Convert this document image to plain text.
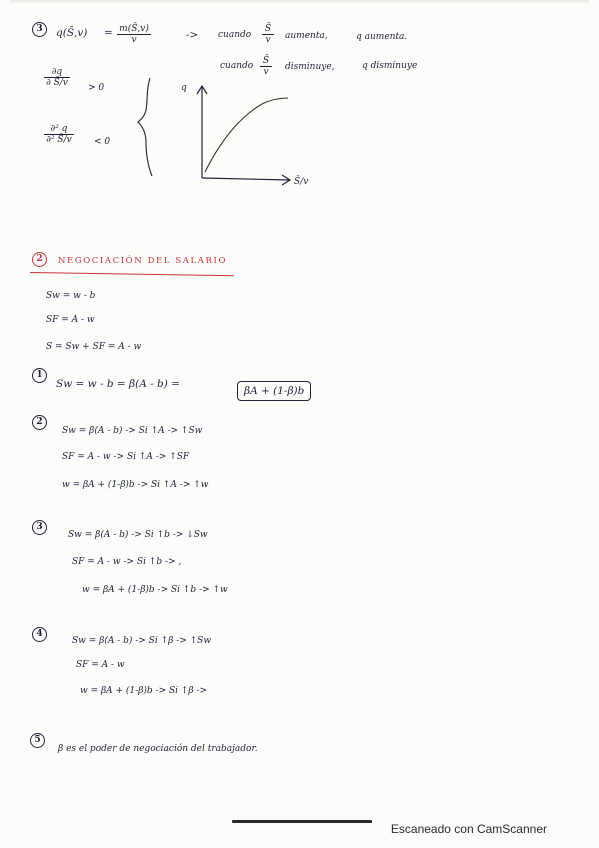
3	q(S̄,v) = $\frac{m(S̄,v)}{v}$	-> cuando $\frac{S̄}{v}$ aumenta,	q aumenta.
cuando $\frac{S̄}{v}$ disminuye,	q disminuye
$\frac{\partial q}{\partial S̄/v} > 0$
$\frac{\text{∂² q}}{\text{∂² S̄/v}} < 0$
q
S̄/v
2	NEGOCIACIÓN DEL SALARIO
Sw = w - b
SF = A - w
S = Sw + SF = A - w
1
Sw = w - b = β(A - b) =
βA + (1-β)b
2
Sw = β(A - b) -> Si ↑A -> ↑Sw
SF = A - w -> Si ↑A -> ↑SF
w = βA + (1-β)b -> Si ↑A -> ↑w
3
Sw = β(A - b) -> Si ↑b -> ↓Sw
SF = A - w -> Si ↑b -> ,
w = βA + (1-β)b -> Si ↑b -> ↑w
4
Sw = β(A - b) -> Si ↑β -> ↑Sw
SF = A - w
w = βA + (1-β)b -> Si ↑β ->
5
β es el poder de negociación del trabajador.
Escaneado con CamScanner
